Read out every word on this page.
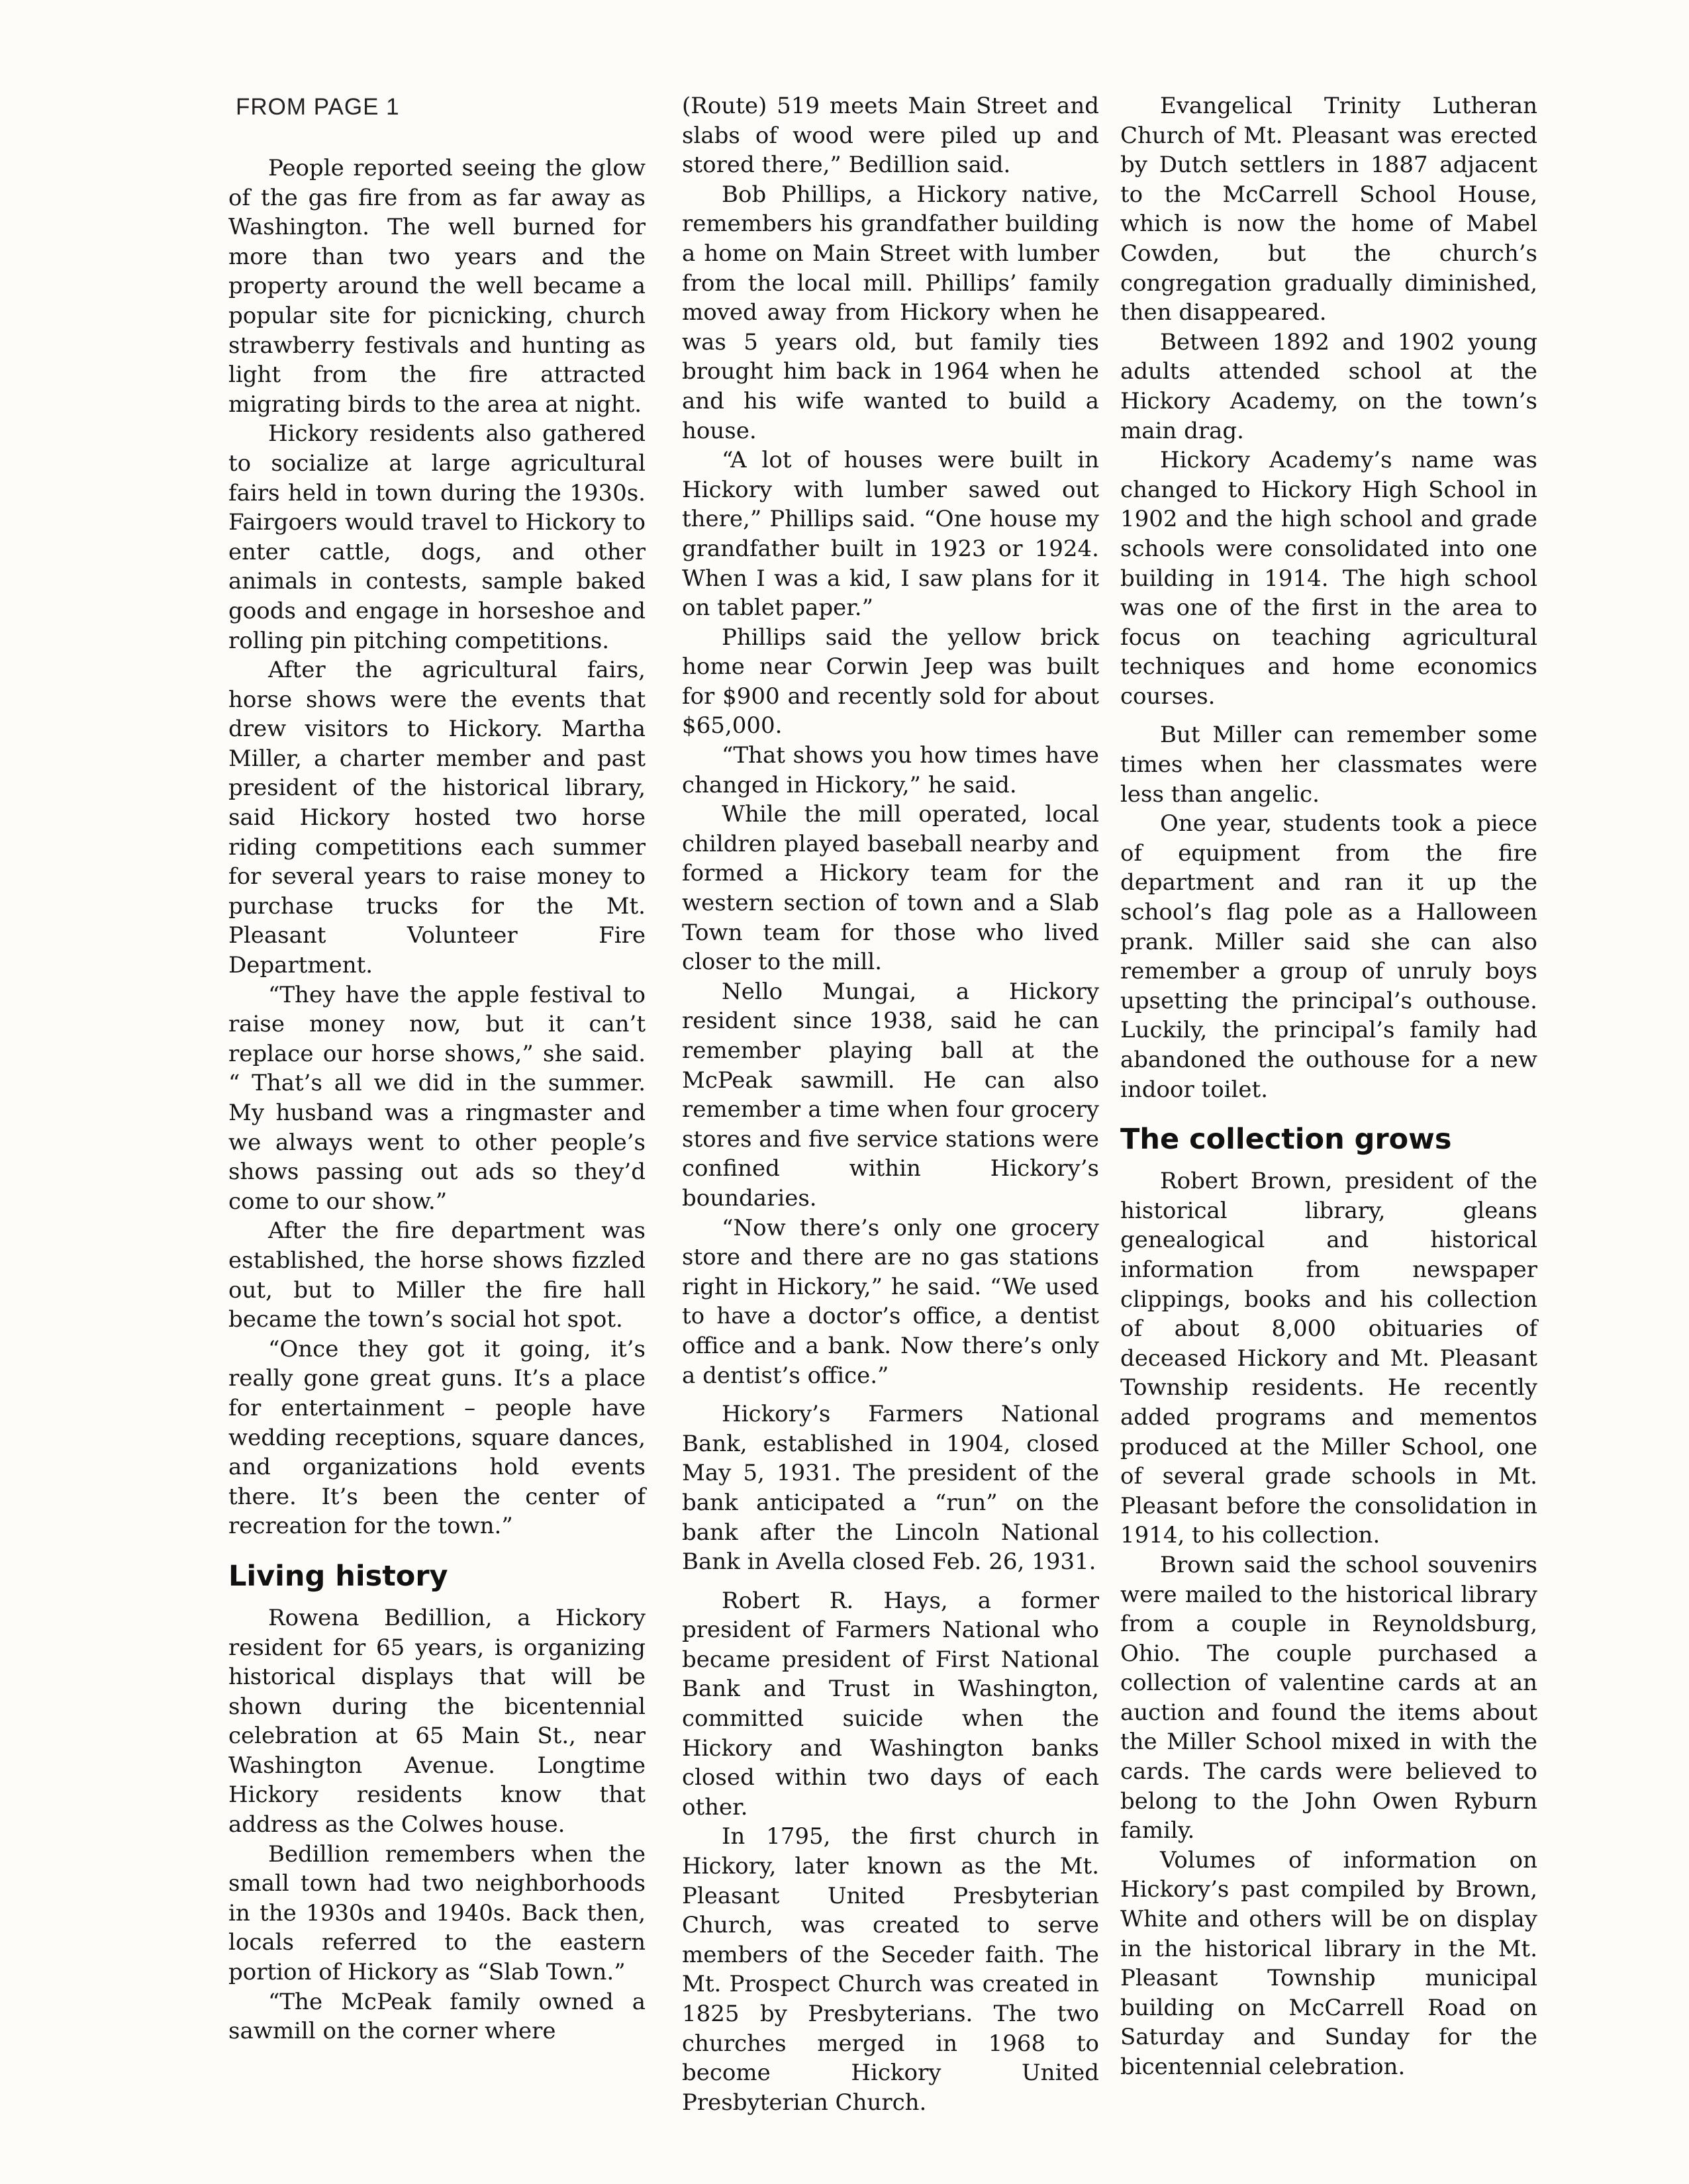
FROM PAGE 1

People reported seeing the glow of the gas fire from as far away as Washington. The well burned for more than two years and the property around the well became a popular site for picnicking, church strawberry festivals and hunting as light from the fire attracted migrating birds to the area at night.

Hickory residents also gathered to socialize at large agricultural fairs held in town during the 1930s. Fairgoers would travel to Hickory to enter cattle, dogs, and other animals in contests, sample baked goods and engage in horseshoe and rolling pin pitching competitions.

After the agricultural fairs, horse shows were the events that drew visitors to Hickory. Martha Miller, a charter member and past president of the historical library, said Hickory hosted two horse riding competitions each summer for several years to raise money to purchase trucks for the Mt. Pleasant Volunteer Fire Department.

“They have the apple festival to raise money now, but it can’t replace our horse shows,” she said. “ That’s all we did in the summer. My husband was a ringmaster and we always went to other people’s shows passing out ads so they’d come to our show.”

After the fire department was established, the horse shows fizzled out, but to Miller the fire hall became the town’s social hot spot.

“Once they got it going, it’s really gone great guns. It’s a place for entertainment – people have wedding receptions, square dances, and organizations hold events there. It’s been the center of recreation for the town.”

Living history

Rowena Bedillion, a Hickory resident for 65 years, is organizing historical displays that will be shown during the bicentennial celebration at 65 Main St., near Washington Avenue. Longtime Hickory residents know that address as the Colwes house.

Bedillion remembers when the small town had two neighborhoods in the 1930s and 1940s. Back then, locals referred to the eastern portion of Hickory as “Slab Town.”

“The McPeak family owned a sawmill on the corner where

(Route) 519 meets Main Street and slabs of wood were piled up and stored there,” Bedillion said.

Bob Phillips, a Hickory native, remembers his grandfather building a home on Main Street with lumber from the local mill. Phillips’ family moved away from Hickory when he was 5 years old, but family ties brought him back in 1964 when he and his wife wanted to build a house.

“A lot of houses were built in Hickory with lumber sawed out there,” Phillips said. “One house my grandfather built in 1923 or 1924. When I was a kid, I saw plans for it on tablet paper.”

Phillips said the yellow brick home near Corwin Jeep was built for $900 and recently sold for about $65,000.

“That shows you how times have changed in Hickory,” he said.

While the mill operated, local children played baseball nearby and formed a Hickory team for the western section of town and a Slab Town team for those who lived closer to the mill.

Nello Mungai, a Hickory resident since 1938, said he can remember playing ball at the McPeak sawmill. He can also remember a time when four grocery stores and five service stations were confined within Hickory’s boundaries.

“Now there’s only one grocery store and there are no gas stations right in Hickory,” he said. “We used to have a doctor’s office, a dentist office and a bank. Now there’s only a dentist’s office.”

Hickory’s Farmers National Bank, established in 1904, closed May 5, 1931. The president of the bank anticipated a “run” on the bank after the Lincoln National Bank in Avella closed Feb. 26, 1931.

Robert R. Hays, a former president of Farmers National who became president of First National Bank and Trust in Washington, committed suicide when the Hickory and Washington banks closed within two days of each other.

In 1795, the first church in Hickory, later known as the Mt. Pleasant United Presbyterian Church, was created to serve members of the Seceder faith. The Mt. Prospect Church was created in 1825 by Presbyterians. The two churches merged in 1968 to become Hickory United Presbyterian Church.

Evangelical Trinity Lutheran Church of Mt. Pleasant was erected by Dutch settlers in 1887 adjacent to the McCarrell School House, which is now the home of Mabel Cowden, but the church’s congregation gradually diminished, then disappeared.

Between 1892 and 1902 young adults attended school at the Hickory Academy, on the town’s main drag.

Hickory Academy’s name was changed to Hickory High School in 1902 and the high school and grade schools were consolidated into one building in 1914. The high school was one of the first in the area to focus on teaching agricultural techniques and home economics courses.

But Miller can remember some times when her classmates were less than angelic.

One year, students took a piece of equipment from the fire department and ran it up the school’s flag pole as a Halloween prank. Miller said she can also remember a group of unruly boys upsetting the principal’s outhouse. Luckily, the principal’s family had abandoned the outhouse for a new indoor toilet.

The collection grows

Robert Brown, president of the historical library, gleans genealogical and historical information from newspaper clippings, books and his collection of about 8,000 obituaries of deceased Hickory and Mt. Pleasant Township residents. He recently added programs and mementos produced at the Miller School, one of several grade schools in Mt. Pleasant before the consolidation in 1914, to his collection.

Brown said the school souvenirs were mailed to the historical library from a couple in Reynoldsburg, Ohio. The couple purchased a collection of valentine cards at an auction and found the items about the Miller School mixed in with the cards. The cards were believed to belong to the John Owen Ryburn family.

Volumes of information on Hickory’s past compiled by Brown, White and others will be on display in the historical library in the Mt. Pleasant Township municipal building on McCarrell Road on Saturday and Sunday for the bicentennial celebration.
